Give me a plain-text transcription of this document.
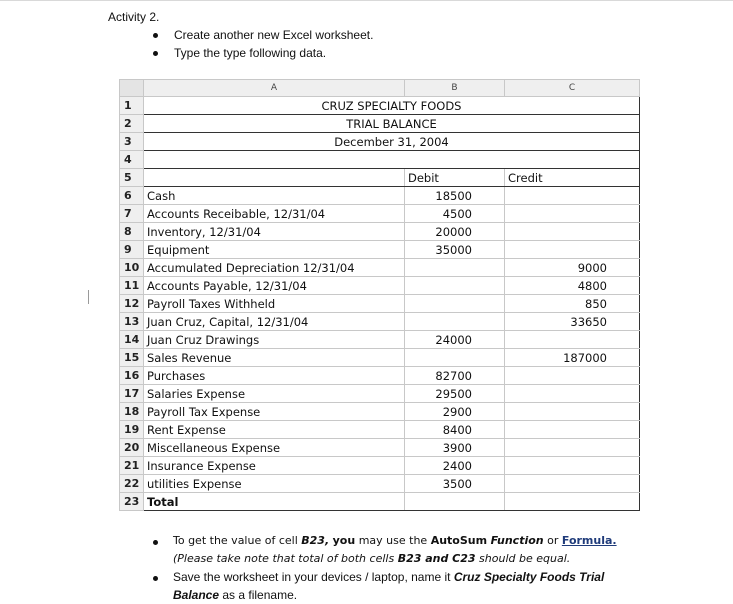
Activity 2.
Create another new Excel worksheet.
Type the type following data.
	A	B	C
1	CRUZ SPECIALTY FOODS		
2	TRIAL BALANCE		
3	December 31, 2004		
4			
5		Debit	Credit
6	Cash	18500	
7	Accounts Receibable, 12/31/04	4500	
8	Inventory, 12/31/04	20000	
9	Equipment	35000	
10	Accumulated Depreciation 12/31/04		9000
11	Accounts Payable, 12/31/04		4800
12	Payroll Taxes Withheld		850
13	Juan Cruz, Capital, 12/31/04		33650
14	Juan Cruz Drawings	24000	
15	Sales Revenue		187000
16	Purchases	82700	
17	Salaries Expense	29500	
18	Payroll Tax Expense	2900	
19	Rent Expense	8400	
20	Miscellaneous Expense	3900	
21	Insurance Expense	2400	
22	utilities Expense	3500	
23	Total		
To get the value of cell B23, you may use the AutoSum Function or Formula.(Please take note that total of both cells B23 and C23 should be equal.
Save the worksheet in your devices / laptop, name it Cruz Specialty Foods Trial Balance as a filename.
